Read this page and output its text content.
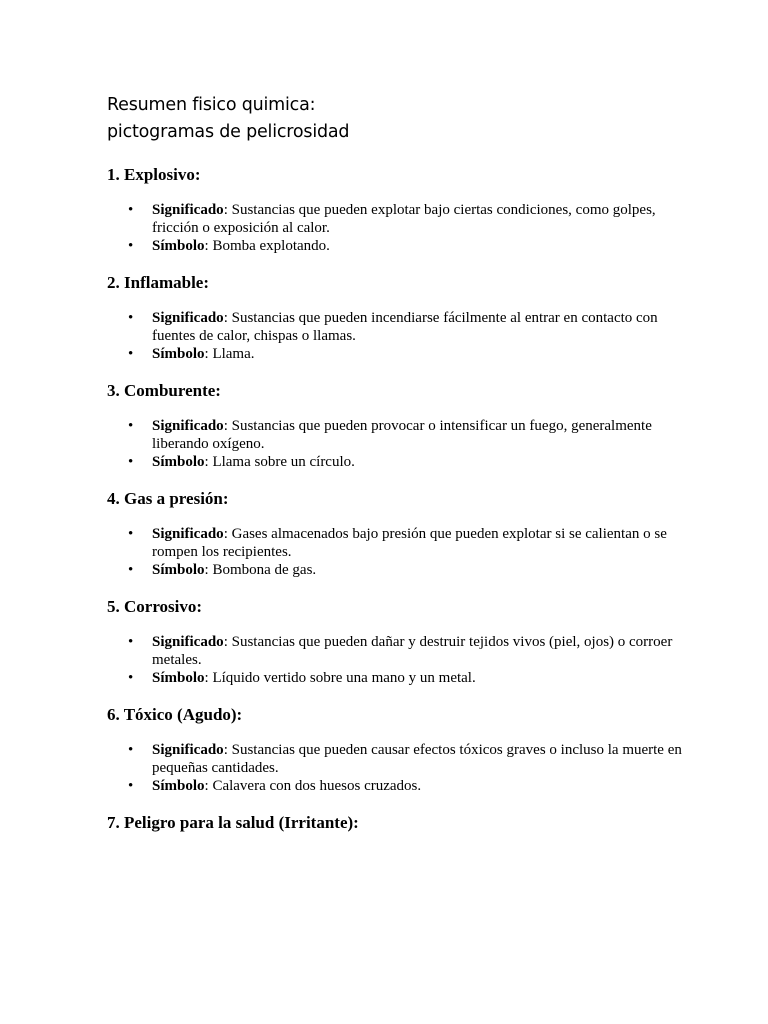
Resumen fisico quimica:
pictogramas de pelicrosidad
1. Explosivo:
• Significado: Sustancias que pueden explotar bajo ciertas condiciones, como golpes, fricción o exposición al calor.
• Símbolo: Bomba explotando.
2. Inflamable:
• Significado: Sustancias que pueden incendiarse fácilmente al entrar en contacto con fuentes de calor, chispas o llamas.
• Símbolo: Llama.
3. Comburente:
• Significado: Sustancias que pueden provocar o intensificar un fuego, generalmente liberando oxígeno.
• Símbolo: Llama sobre un círculo.
4. Gas a presión:
• Significado: Gases almacenados bajo presión que pueden explotar si se calientan o se rompen los recipientes.
• Símbolo: Bombona de gas.
5. Corrosivo:
• Significado: Sustancias que pueden dañar y destruir tejidos vivos (piel, ojos) o corroer metales.
• Símbolo: Líquido vertido sobre una mano y un metal.
6. Tóxico (Agudo):
• Significado: Sustancias que pueden causar efectos tóxicos graves o incluso la muerte en pequeñas cantidades.
• Símbolo: Calavera con dos huesos cruzados.
7. Peligro para la salud (Irritante):
